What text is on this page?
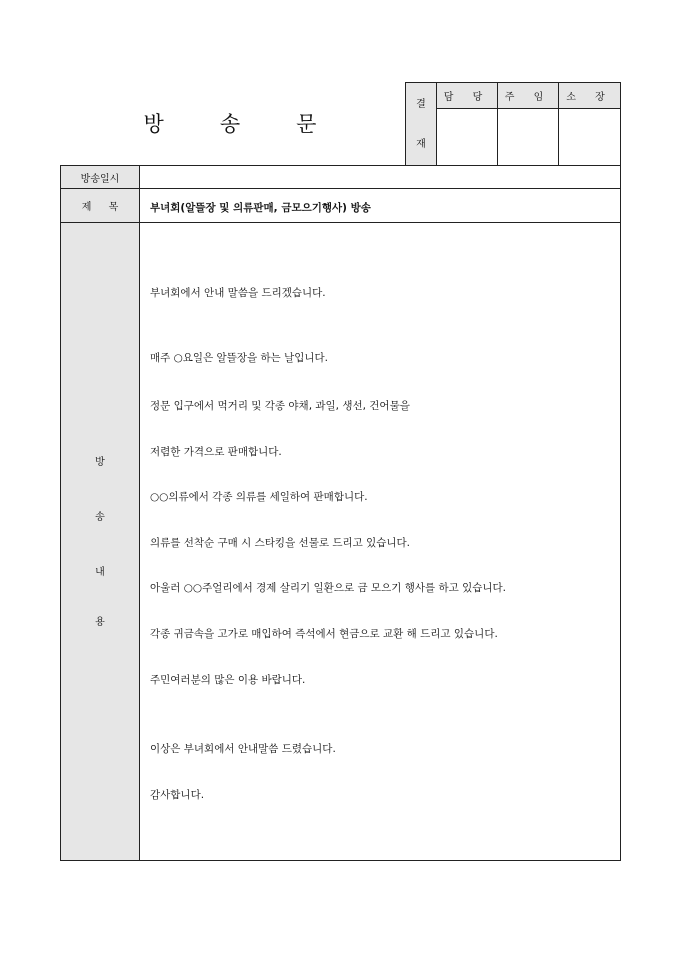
방	송	문
결
재
담 당	주 임	소 장
방송일시
제 목	부녀회(알뜰장 및 의류판매, 금모으기행사) 방송
방
송
내
용
부녀회에서 안내 말씀을 드리겠습니다.
매주 ○요일은 알뜰장을 하는 날입니다.
정문 입구에서 먹거리 및 각종 야채, 과일, 생선, 건어물을
저렴한 가격으로 판매합니다.
○○의류에서 각종 의류를 세일하여 판매합니다.
의류를 선착순 구매 시 스타킹을 선물로 드리고 있습니다.
아울러 ○○주얼리에서 경제 살리기 일환으로 금 모으기 행사를 하고 있습니다.
각종 귀금속을 고가로 매입하여 즉석에서 현금으로 교환 해 드리고 있습니다.
주민여러분의 많은 이용 바랍니다.
이상은 부녀회에서 안내말씀 드렸습니다.
감사합니다.
